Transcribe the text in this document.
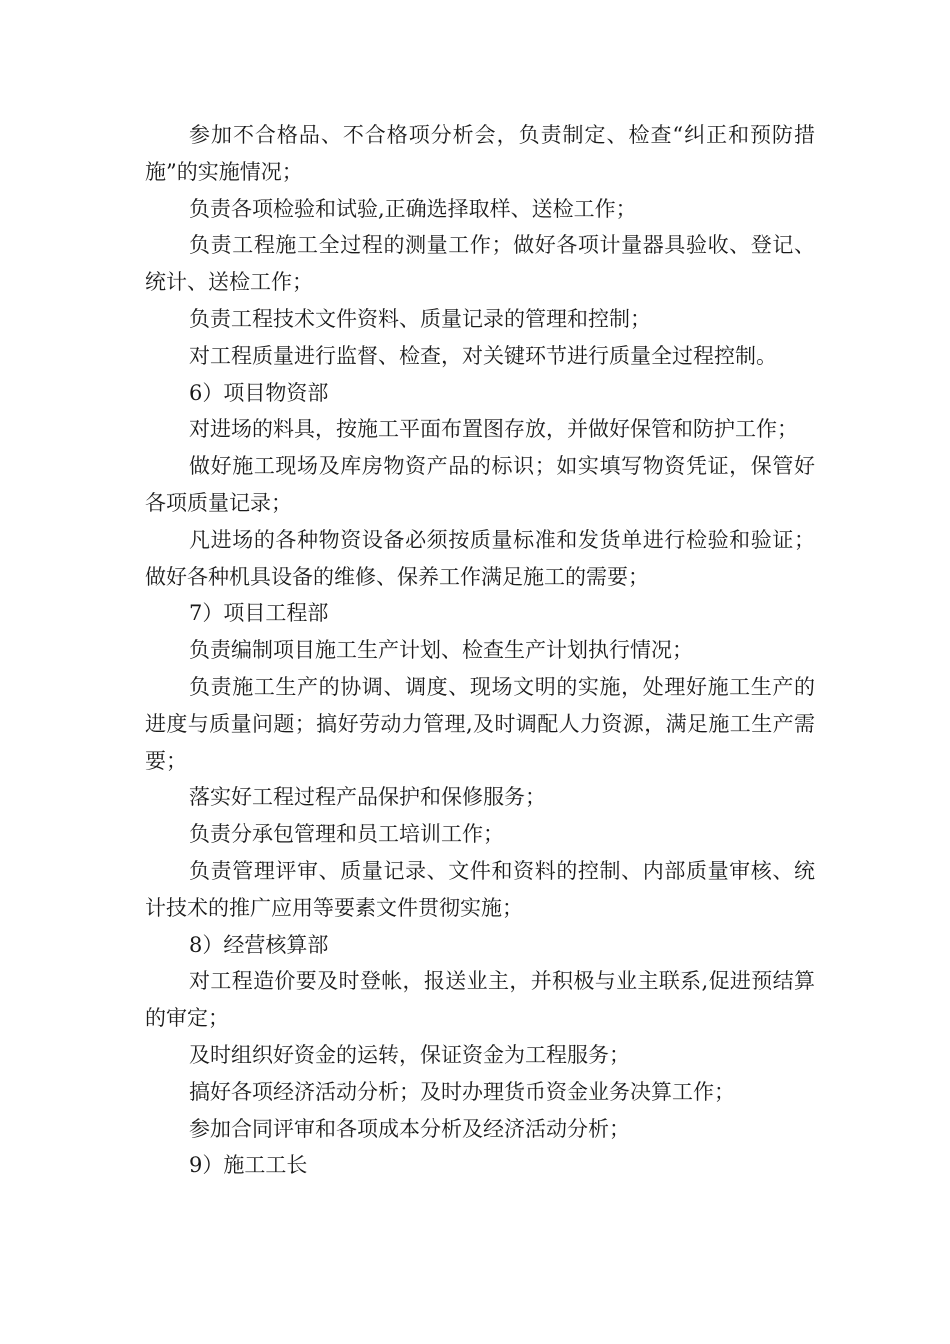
参加不合格品、不合格项分析会，负责制定、检查“纠正和预防措施”的实施情况；

负责各项检验和试验,正确选择取样、送检工作；

负责工程施工全过程的测量工作；做好各项计量器具验收、登记、统计、送检工作；

负责工程技术文件资料、质量记录的管理和控制；

对工程质量进行监督、检查，对关键环节进行质量全过程控制。

6）项目物资部

对进场的料具，按施工平面布置图存放，并做好保管和防护工作；

做好施工现场及库房物资产品的标识；如实填写物资凭证，保管好各项质量记录；

凡进场的各种物资设备必须按质量标准和发货单进行检验和验证；做好各种机具设备的维修、保养工作满足施工的需要；

7）项目工程部

负责编制项目施工生产计划、检查生产计划执行情况；

负责施工生产的协调、调度、现场文明的实施，处理好施工生产的进度与质量问题；搞好劳动力管理,及时调配人力资源，满足施工生产需要；

落实好工程过程产品保护和保修服务；

负责分承包管理和员工培训工作；

负责管理评审、质量记录、文件和资料的控制、内部质量审核、统计技术的推广应用等要素文件贯彻实施；

8）经营核算部

对工程造价要及时登帐，报送业主，并积极与业主联系,促进预结算的审定；

及时组织好资金的运转，保证资金为工程服务；

搞好各项经济活动分析；及时办理货币资金业务决算工作；

参加合同评审和各项成本分析及经济活动分析；

9）施工工长
